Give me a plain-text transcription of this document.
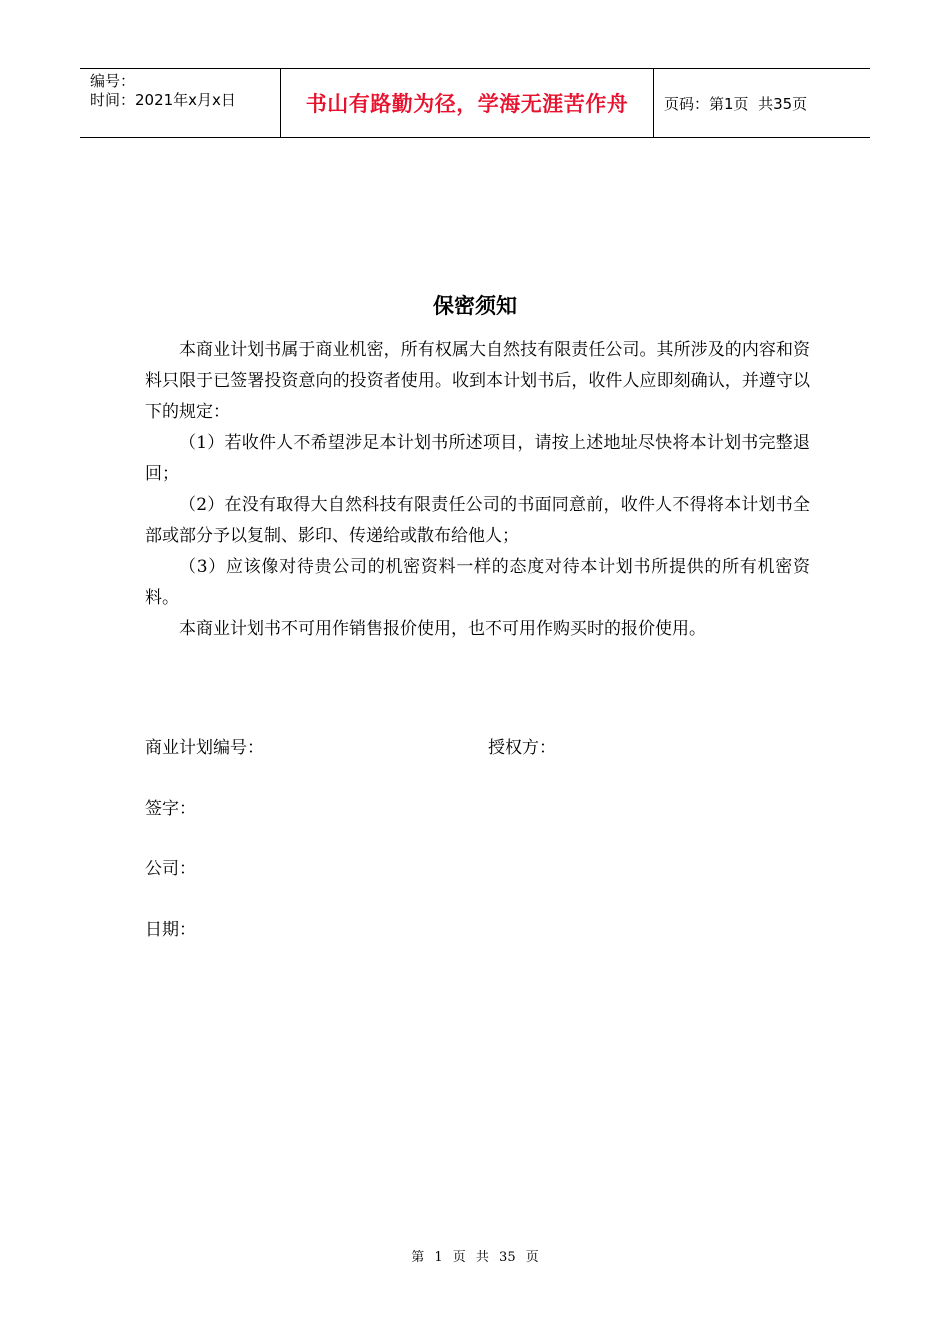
编号：
时间：2021年x月x日	书山有路勤为径，学海无涯苦作舟	页码：第1页  共35页
保密须知

本商业计划书属于商业机密，所有权属大自然技有限责任公司。其所涉及的内容和资料只限于已签署投资意向的投资者使用。收到本计划书后，收件人应即刻确认，并遵守以下的规定：

（1）若收件人不希望涉足本计划书所述项目，请按上述地址尽快将本计划书完整退回；

（2）在没有取得大自然科技有限责任公司的书面同意前，收件人不得将本计划书全部或部分予以复制、影印、传递给或散布给他人；

（3）应该像对待贵公司的机密资料一样的态度对待本计划书所提供的所有机密资料。

本商业计划书不可用作销售报价使用，也不可用作购买时的报价使用。

商业计划编号：	授权方：
签字：
公司：
日期：
第 1 页 共 35 页
